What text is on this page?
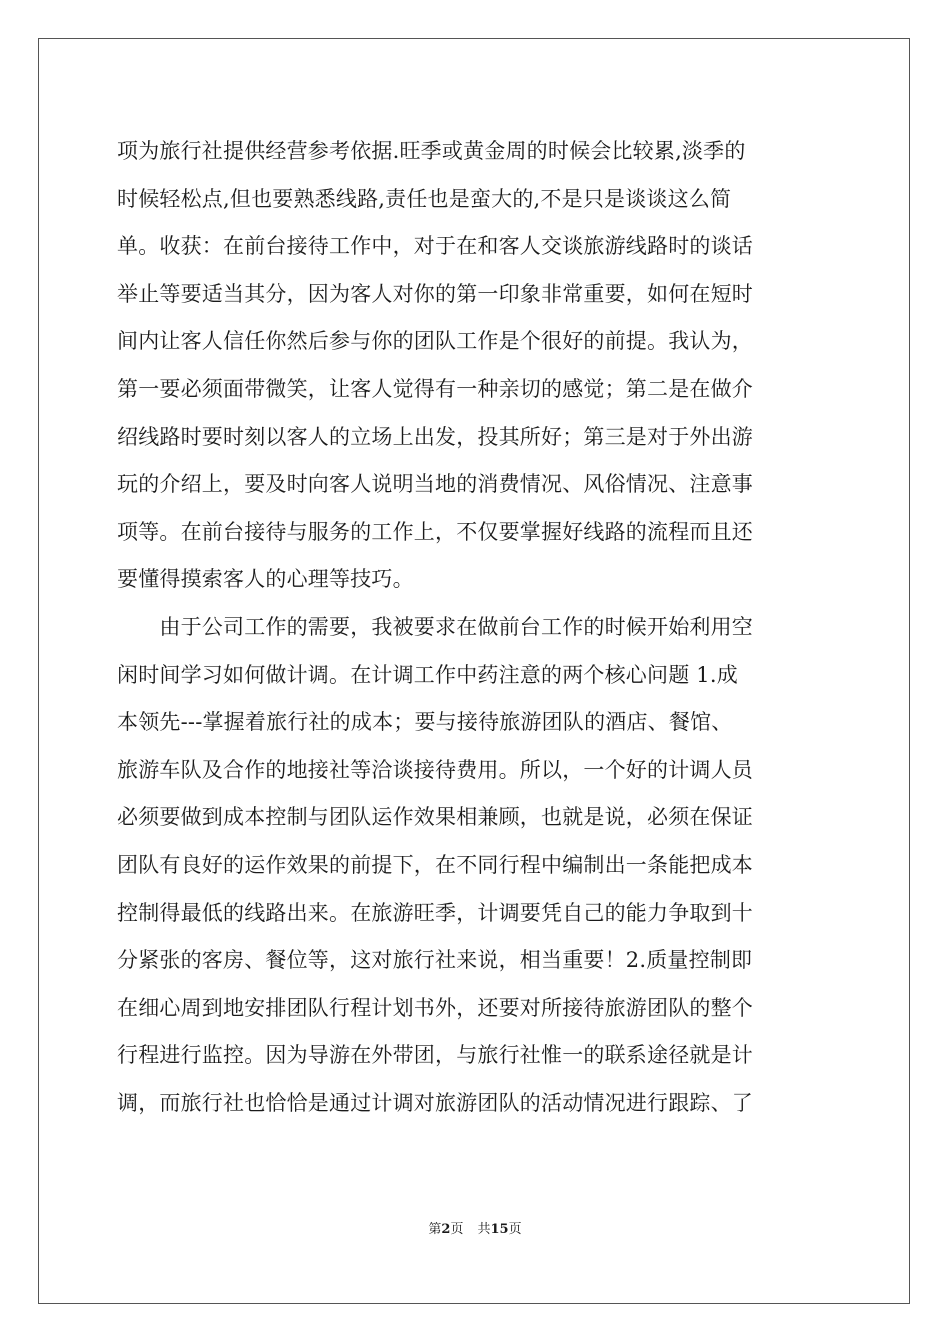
项为旅行社提供经营参考依据.旺季或黄金周的时候会比较累,淡季的
时候轻松点,但也要熟悉线路,责任也是蛮大的,不是只是谈谈这么简
单。收获：在前台接待工作中，对于在和客人交谈旅游线路时的谈话
举止等要适当其分，因为客人对你的第一印象非常重要，如何在短时
间内让客人信任你然后参与你的团队工作是个很好的前提。我认为，
第一要必须面带微笑，让客人觉得有一种亲切的感觉；第二是在做介
绍线路时要时刻以客人的立场上出发，投其所好；第三是对于外出游
玩的介绍上，要及时向客人说明当地的消费情况、风俗情况、注意事
项等。在前台接待与服务的工作上，不仅要掌握好线路的流程而且还
要懂得摸索客人的心理等技巧。
　　由于公司工作的需要，我被要求在做前台工作的时候开始利用空
闲时间学习如何做计调。在计调工作中药注意的两个核心问题 1.成
本领先---掌握着旅行社的成本；要与接待旅游团队的酒店、餐馆、
旅游车队及合作的地接社等洽谈接待费用。所以，一个好的计调人员
必须要做到成本控制与团队运作效果相兼顾，也就是说，必须在保证
团队有良好的运作效果的前提下，在不同行程中编制出一条能把成本
控制得最低的线路出来。在旅游旺季，计调要凭自己的能力争取到十
分紧张的客房、餐位等，这对旅行社来说，相当重要！2.质量控制即
在细心周到地安排团队行程计划书外，还要对所接待旅游团队的整个
行程进行监控。因为导游在外带团，与旅行社惟一的联系途径就是计
调，而旅行社也恰恰是通过计调对旅游团队的活动情况进行跟踪、了
第2页 共15页
